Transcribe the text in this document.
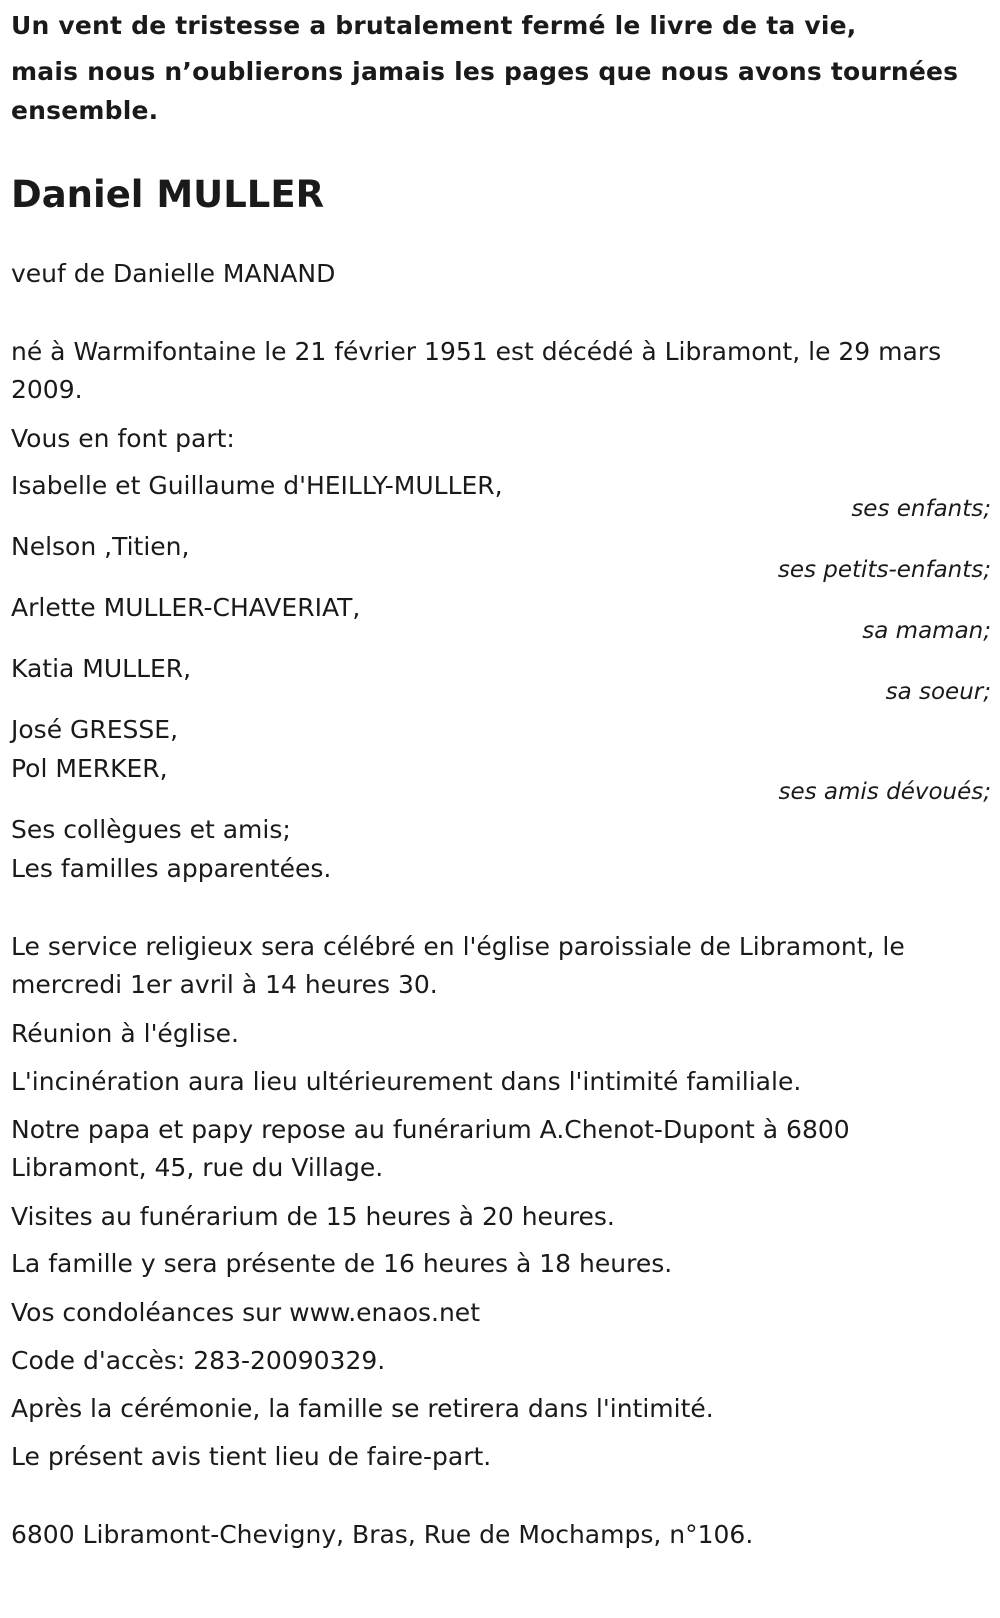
Un vent de tristesse a brutalement fermé le livre de ta vie,
mais nous n’oublierons jamais les pages que nous avons tournées
ensemble.
Daniel MULLER
veuf de Danielle MANAND
né à Warmifontaine le 21 février 1951 est décédé à Libramont, le 29 mars
2009.
Vous en font part:
Isabelle et Guillaume d'HEILLY-MULLER,
ses enfants;
Nelson ,Titien,
ses petits-enfants;
Arlette MULLER-CHAVERIAT,
sa maman;
Katia MULLER,
sa soeur;
José GRESSE,
Pol MERKER,
ses amis dévoués;
Ses collègues et amis;
Les familles apparentées.
Le service religieux sera célébré en l'église paroissiale de Libramont, le
mercredi 1er avril à 14 heures 30.
Réunion à l'église.
L'incinération aura lieu ultérieurement dans l'intimité familiale.
Notre papa et papy repose au funérarium A.Chenot-Dupont à 6800
Libramont, 45, rue du Village.
Visites au funérarium de 15 heures à 20 heures.
La famille y sera présente de 16 heures à 18 heures.
Vos condoléances sur www.enaos.net
Code d'accès: 283-20090329.
Après la cérémonie, la famille se retirera dans l'intimité.
Le présent avis tient lieu de faire-part.
6800 Libramont-Chevigny, Bras, Rue de Mochamps, n°106.
